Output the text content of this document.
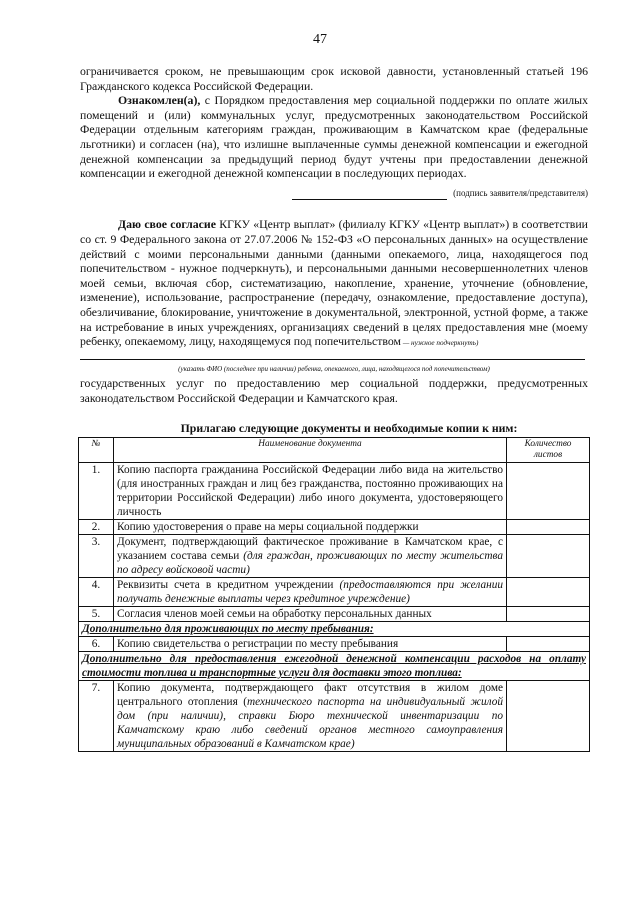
47

ограничивается сроком, не превышающим срок исковой давности, установленный статьей 196 Гражданского кодекса Российской Федерации.

Ознакомлен(а), с Порядком предоставления мер социальной поддержки по оплате жилых помещений и (или) коммунальных услуг, предусмотренных законодательством Российской Федерации отдельным категориям граждан, проживающим в Камчатском крае (федеральные льготники) и согласен (на), что излишне выплаченные суммы денежной компенсации и ежегодной денежной компенсации за предыдущий период будут учтены при предоставлении денежной компенсации и ежегодной денежной компенсации в последующих периодах.

(подпись заявителя/представителя)

Даю свое согласие КГКУ «Центр выплат» (филиалу КГКУ «Центр выплат») в соответствии со ст. 9 Федерального закона от 27.07.2006 № 152-ФЗ «О персональных данных» на осуществление действий с моими персональными данными (данными опекаемого, лица, находящегося под попечительством - нужное подчеркнуть), и персональными данными несовершеннолетних членов моей семьи, включая сбор, систематизацию, накопление, хранение, уточнение (обновление, изменение), использование, распространение (передачу, ознакомление, предоставление доступа), обезличивание, блокирование, уничтожение в документальной, электронной, устной форме, а также на истребование в иных учреждениях, организациях сведений в целях предоставления мне (моему ребенку, опекаемому, лицу, находящемуся под попечительством — нужное подчеркнуть)

(указать ФИО (последнее при наличии) ребенка, опекаемого, лица, находящегося под попечительством)

государственных услуг по предоставлению мер социальной поддержки, предусмотренных законодательством Российской Федерации и Камчатского края.

Прилагаю следующие документы и необходимые копии к ним:
№	Наименование документа	Количество листов
1.	Копию паспорта гражданина Российской Федерации либо вида на жительство (для иностранных граждан и лиц без гражданства, постоянно проживающих на территории Российской Федерации) либо иного документа, удостоверяющего личность	
2.	Копию удостоверения о праве на меры социальной поддержки	
3.	Документ, подтверждающий фактическое проживание в Камчатском крае, с указанием состава семьи (для граждан, проживающих по месту жительства по адресу войсковой части)	
4.	Реквизиты счета в кредитном учреждении (предоставляются при желании получать денежные выплаты через кредитное учреждение)	
5.	Согласия членов моей семьи на обработку персональных данных	
Дополнительно для проживающих по месту пребывания:		
6.	Копию свидетельства о регистрации по месту пребывания	
Дополнительно для предоставления ежегодной денежной компенсации расходов на оплату стоимости топлива и транспортные услуги для доставки этого топлива:		
7.	Копию документа, подтверждающего факт отсутствия в жилом доме центрального отопления (технического паспорта на индивидуальный жилой дом (при наличии), справки Бюро технической инвентаризации по Камчатскому краю либо сведений органов местного самоуправления муниципальных образований в Камчатском крае)	
